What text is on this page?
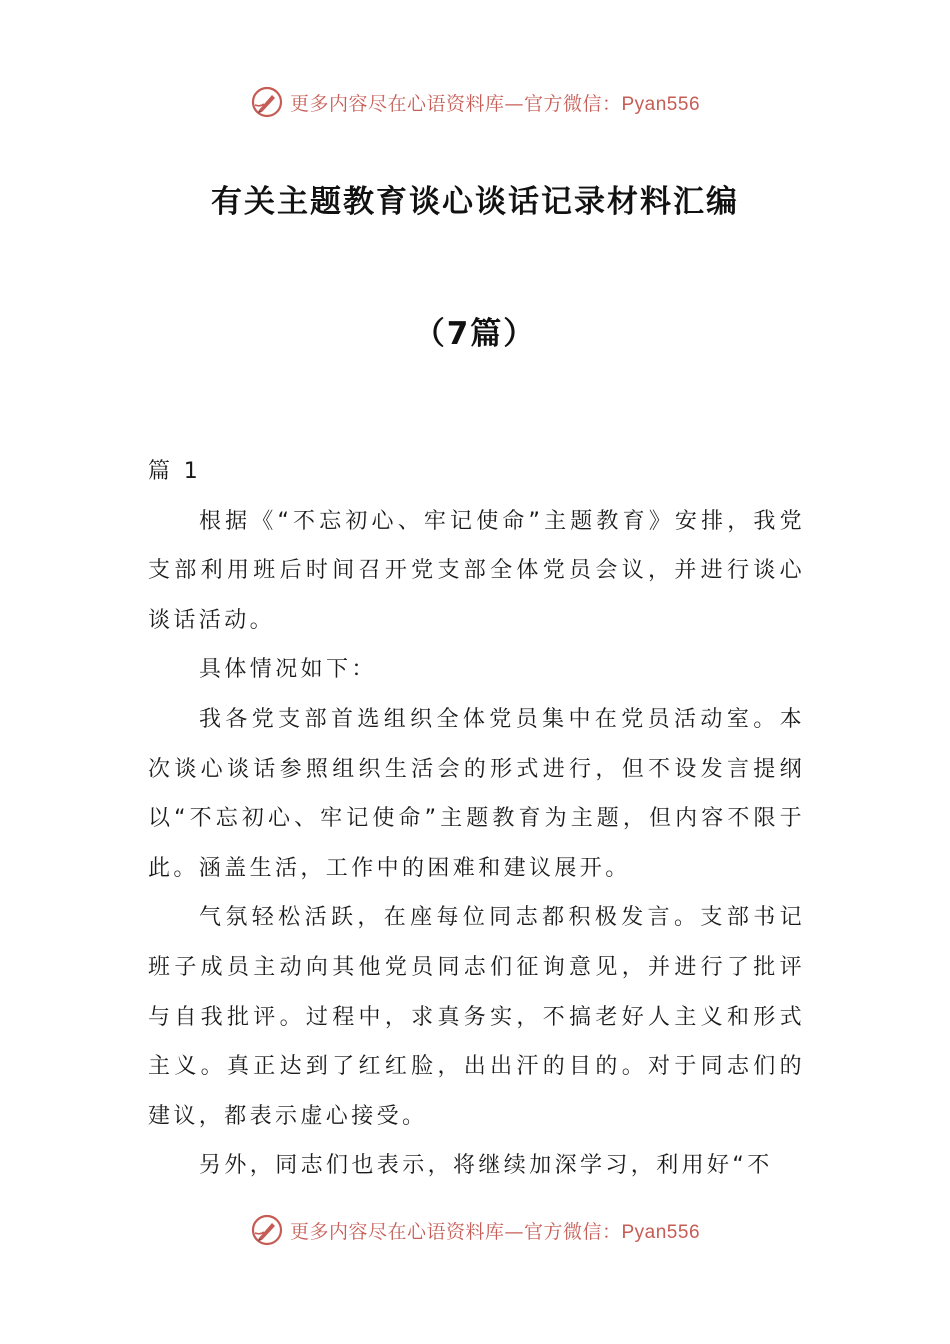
更多内容尽在心语资料库—官方微信：Pyan556
有关主题教育谈心谈话记录材料汇编
（7篇）

篇 1

根据《“不忘初心、牢记使命”主题教育》安排，我党支部利用班后时间召开党支部全体党员会议，并进行谈心谈话活动。

具体情况如下：

我各党支部首选组织全体党员集中在党员活动室。本次谈心谈话参照组织生活会的形式进行，但不设发言提纲以“不忘初心、牢记使命”主题教育为主题，但内容不限于此。涵盖生活，工作中的困难和建议展开。

气氛轻松活跃，在座每位同志都积极发言。支部书记班子成员主动向其他党员同志们征询意见，并进行了批评与自我批评。过程中，求真务实，不搞老好人主义和形式主义。真正达到了红红脸，出出汗的目的。对于同志们的建议，都表示虚心接受。

另外，同志们也表示，将继续加深学习，利用好“不

更多内容尽在心语资料库—官方微信：Pyan556
